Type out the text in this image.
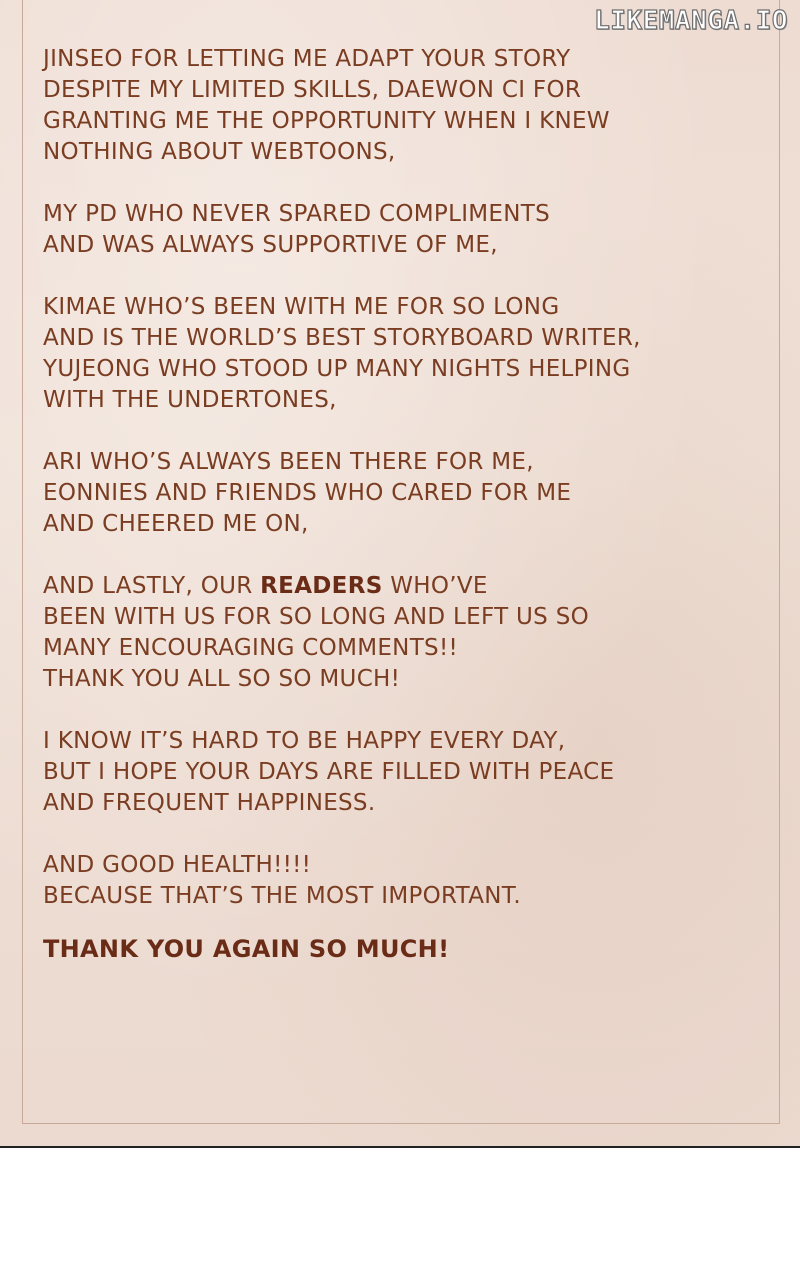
LIKEMANGA.IO
JINSEO FOR LETTING ME ADAPT YOUR STORY
DESPITE MY LIMITED SKILLS, DAEWON CI FOR
GRANTING ME THE OPPORTUNITY WHEN I KNEW
NOTHING ABOUT WEBTOONS,
MY PD WHO NEVER SPARED COMPLIMENTS
AND WAS ALWAYS SUPPORTIVE OF ME,
KIMAE WHO’S BEEN WITH ME FOR SO LONG
AND IS THE WORLD’S BEST STORYBOARD WRITER,
YUJEONG WHO STOOD UP MANY NIGHTS HELPING
WITH THE UNDERTONES,
ARI WHO’S ALWAYS BEEN THERE FOR ME,
EONNIES AND FRIENDS WHO CARED FOR ME
AND CHEERED ME ON,
AND LASTLY, OUR READERS WHO’VE
BEEN WITH US FOR SO LONG AND LEFT US SO
MANY ENCOURAGING COMMENTS!!
THANK YOU ALL SO SO MUCH!
I KNOW IT’S HARD TO BE HAPPY EVERY DAY,
BUT I HOPE YOUR DAYS ARE FILLED WITH PEACE
AND FREQUENT HAPPINESS.
AND GOOD HEALTH!!!!
BECAUSE THAT’S THE MOST IMPORTANT.
THANK YOU AGAIN SO MUCH!
